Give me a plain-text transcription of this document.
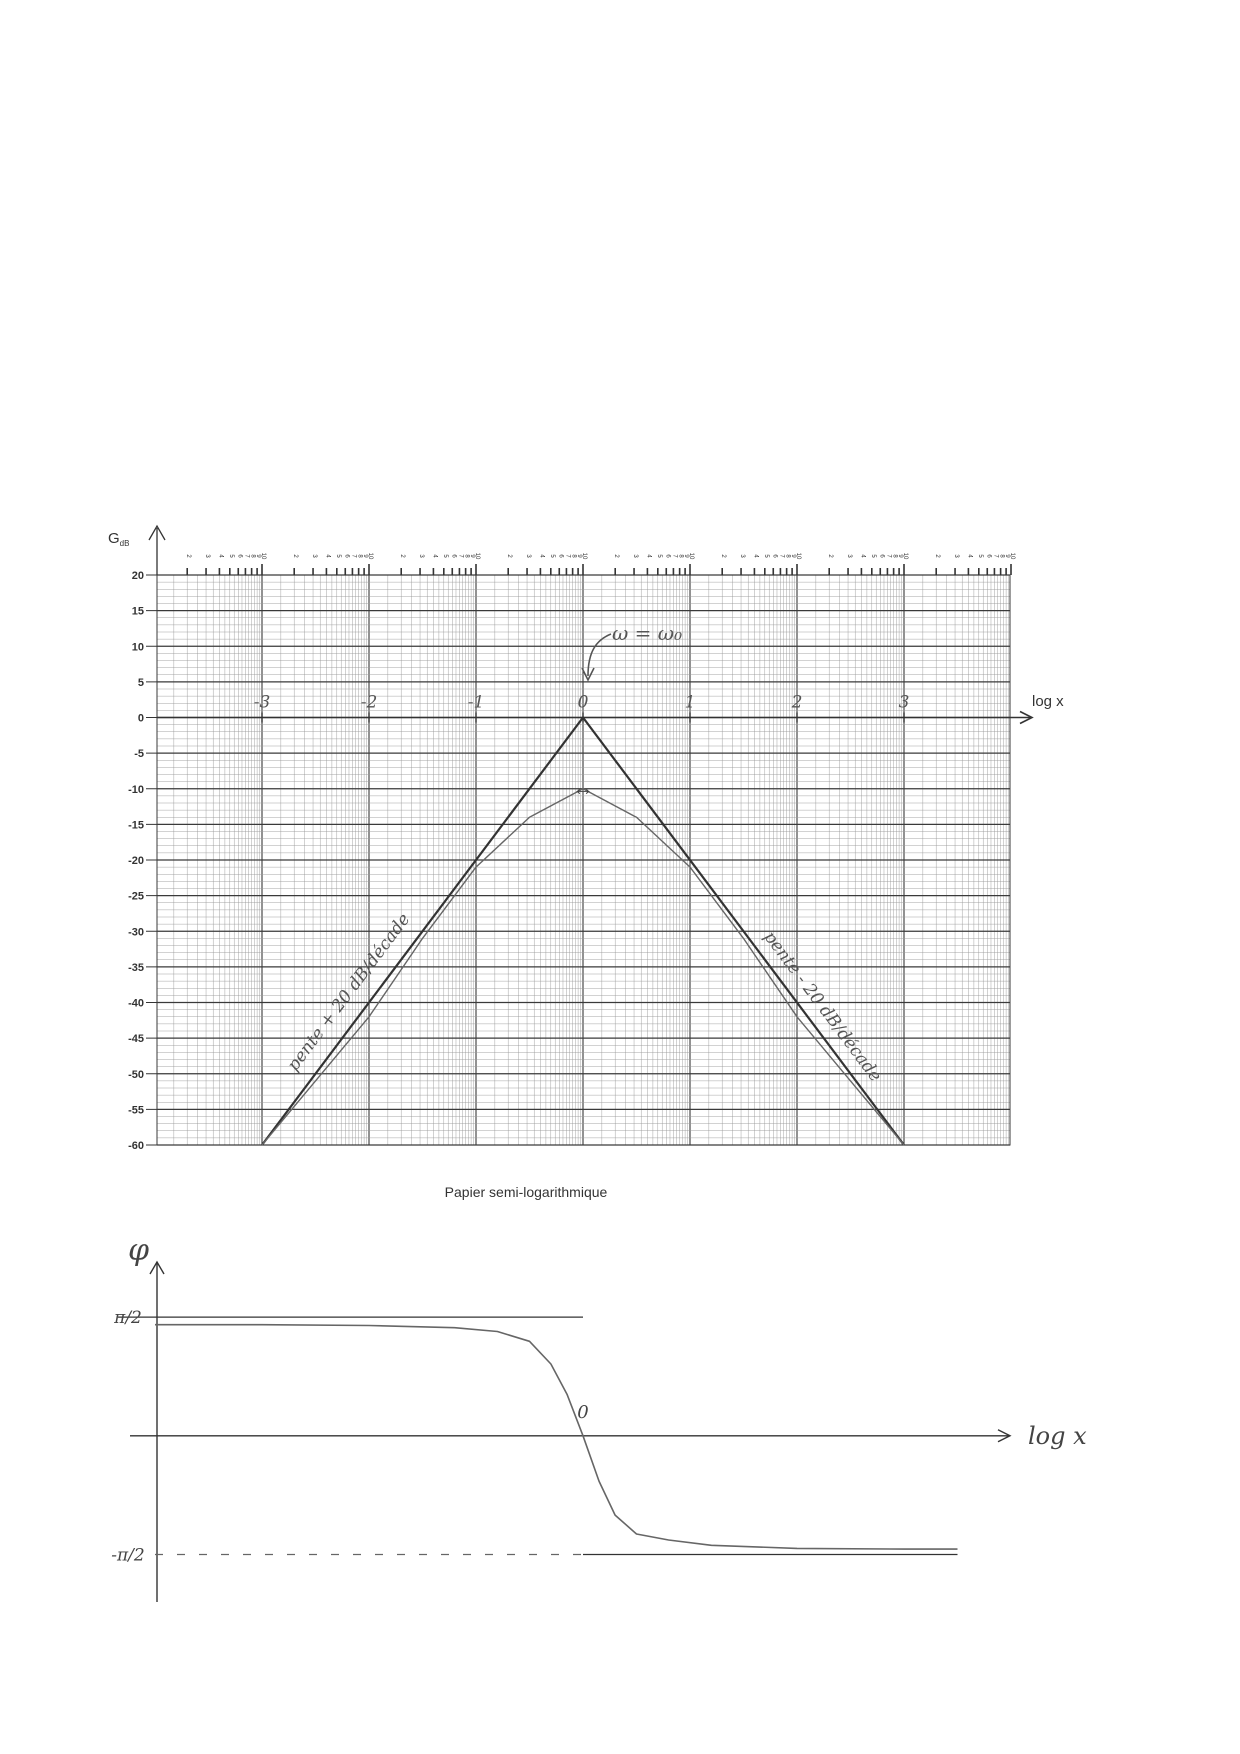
20
15
10
5
0
-5
-10
-15
-20
-25
-30
-35
-40
-45
-50
-55
-60
2 3 4 5 6 7 8 9
10	2 3 4 5 6 7 8 9
10	2 3 4 5 6 7 8 9
10	2 3 4 5 6 7 8 9
10	2 3 4 5 6 7 8 9
10	2 3 4 5 6 7 8 9
10	2 3 4 5 6 7 8 9
10	2 3 4 5 6 7 8 9
10
-3	-2	-1	0	1	2	3
$G_{dB}$
log x
ω = ω₀
pente + 20 dB/décade	pente - 20 dB/décade
↔
Papier semi-logarithmique
φ
log x
0
π/2
-π/2
